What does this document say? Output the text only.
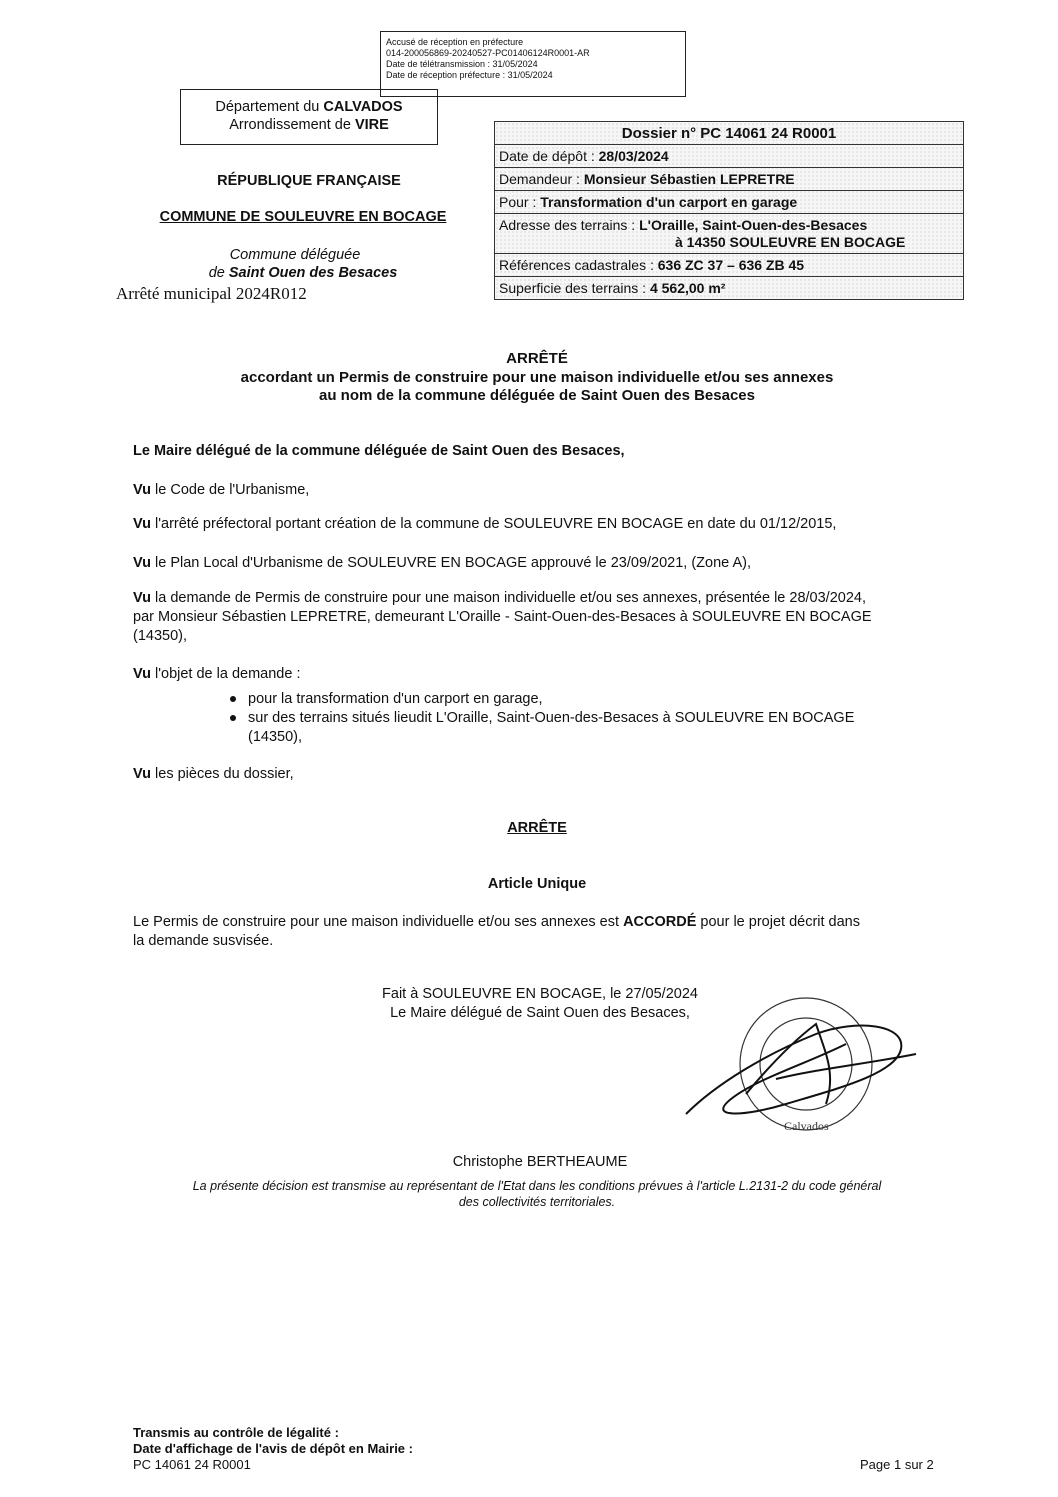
Accusé de réception en préfecture
014-200056869-20240527-PC01406124R0001-AR
Date de télétransmission : 31/05/2024
Date de réception préfecture : 31/05/2024
Département du CALVADOS
Arrondissement de VIRE
RÉPUBLIQUE FRANÇAISE
COMMUNE DE SOULEUVRE EN BOCAGE
Commune déléguée
de Saint Ouen des Besaces
Arrêté municipal 2024R012
Dossier n° PC 14061 24 R0001
Date de dépôt : 28/03/2024
Demandeur : Monsieur Sébastien LEPRETRE
Pour : Transformation d'un carport en garage
Adresse des terrains : L'Oraille, Saint-Ouen-des-Besaces
à 14350 SOULEUVRE EN BOCAGE
Références cadastrales : 636 ZC 37 – 636 ZB 45
Superficie des terrains : 4 562,00 m²
ARRÊTÉ
accordant un Permis de construire pour une maison individuelle et/ou ses annexes
au nom de la commune déléguée de Saint Ouen des Besaces
Le Maire délégué de la commune déléguée de Saint Ouen des Besaces,
Vu le Code de l'Urbanisme,
Vu l'arrêté préfectoral portant création de la commune de SOULEUVRE EN BOCAGE en date du 01/12/2015,
Vu le Plan Local d'Urbanisme de SOULEUVRE EN BOCAGE approuvé le 23/09/2021, (Zone A),
Vu la demande de Permis de construire pour une maison individuelle et/ou ses annexes, présentée le 28/03/2024,
par Monsieur Sébastien LEPRETRE, demeurant L'Oraille - Saint-Ouen-des-Besaces à SOULEUVRE EN BOCAGE
(14350),
Vu l'objet de la demande :
pour la transformation d'un carport en garage,
sur des terrains situés lieudit L'Oraille, Saint-Ouen-des-Besaces à SOULEUVRE EN BOCAGE
(14350),
Vu les pièces du dossier,
ARRÊTE
Article Unique
Le Permis de construire pour une maison individuelle et/ou ses annexes est ACCORDÉ pour le projet décrit dans
la demande susvisée.
Fait à SOULEUVRE EN BOCAGE, le 27/05/2024
Le Maire délégué de Saint Ouen des Besaces,
Calvados
Christophe BERTHEAUME
La présente décision est transmise au représentant de l'Etat dans les conditions prévues à l'article L.2131-2 du code général
des collectivités territoriales.
Transmis au contrôle de légalité :
Date d'affichage de l'avis de dépôt en Mairie :
PC 14061 24 R0001	Page 1 sur 2
